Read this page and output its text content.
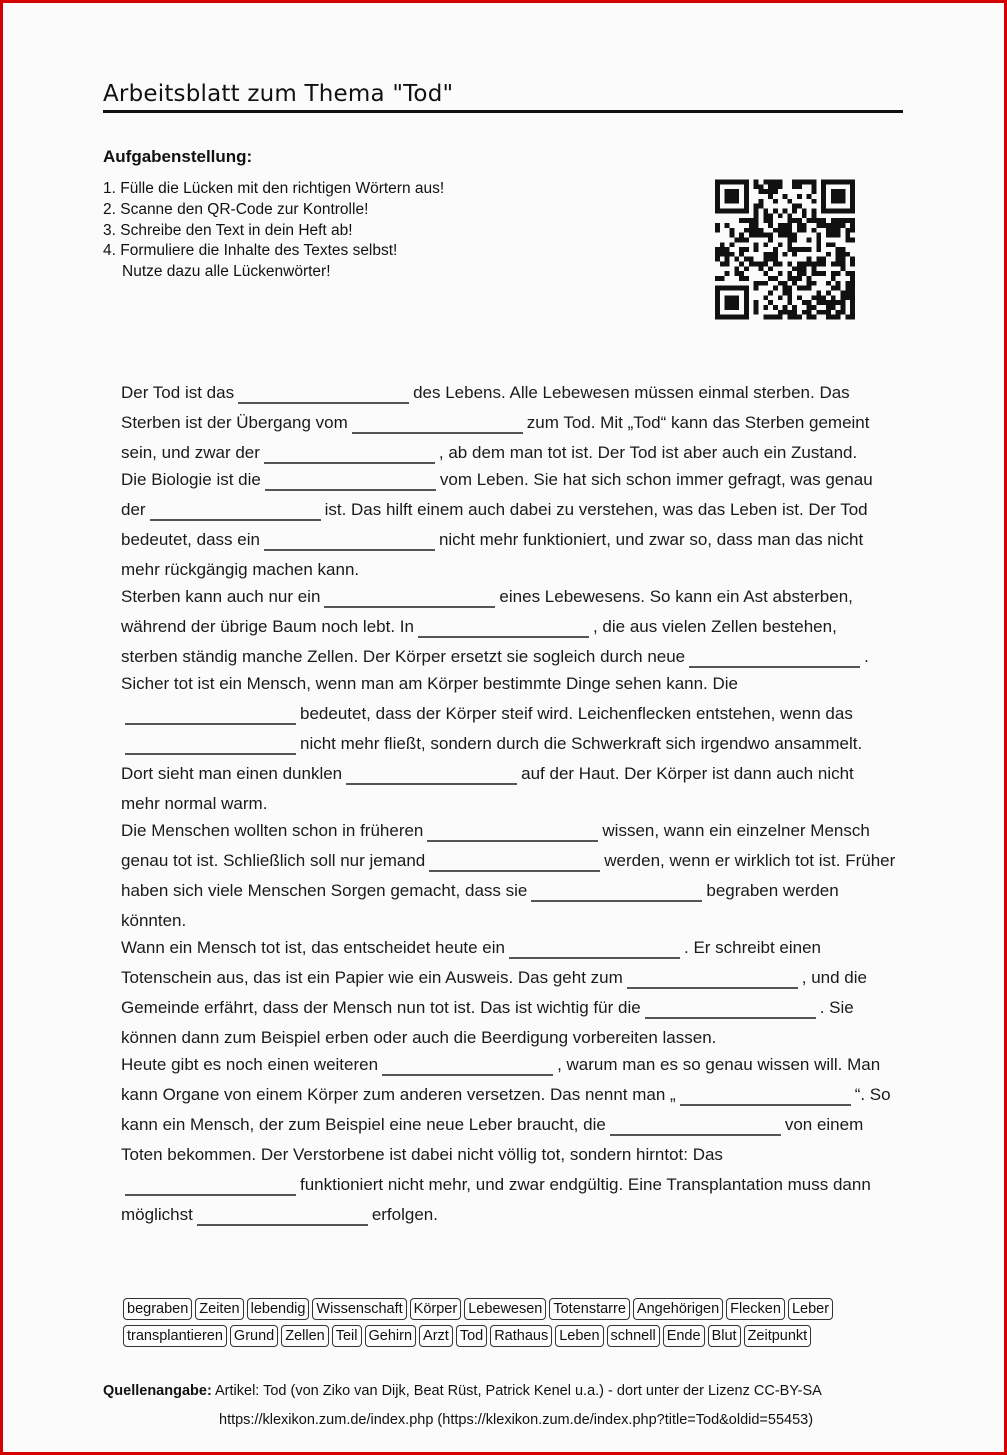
Arbeitsblatt zum Thema "Tod"
Aufgabenstellung:
1. Fülle die Lücken mit den richtigen Wörtern aus!
2. Scanne den QR-Code zur Kontrolle!
3. Schreibe den Text in dein Heft ab!
4. Formuliere die Inhalte des Textes selbst!
Nutze dazu alle Lückenwörter!
Der Tod ist das	des Lebens. Alle Lebewesen müssen einmal sterben. Das Sterben ist der Übergang vom	zum Tod. Mit „Tod“ kann das Sterben gemeint sein, und zwar der	, ab dem man tot ist. Der Tod ist aber auch ein Zustand.
Die Biologie ist die	vom Leben. Sie hat sich schon immer gefragt, was genau der	ist. Das hilft einem auch dabei zu verstehen, was das Leben ist. Der Tod bedeutet, dass ein	nicht mehr funktioniert, und zwar so, dass man das nicht mehr rückgängig machen kann.
Sterben kann auch nur ein	eines Lebewesens. So kann ein Ast absterben, während der übrige Baum noch lebt. In	, die aus vielen Zellen bestehen, sterben ständig manche Zellen. Der Körper ersetzt sie sogleich durch neue	.
Sicher tot ist ein Mensch, wenn man am Körper bestimmte Dinge sehen kann. Diebedeutet, dass der Körper steif wird. Leichenflecken entstehen, wenn dasnicht mehr fließt, sondern durch die Schwerkraft sich irgendwo ansammelt. Dort sieht man einen dunklen	auf der Haut. Der Körper ist dann auch nicht mehr normal warm.
Die Menschen wollten schon in früheren	wissen, wann ein einzelner Mensch genau tot ist. Schließlich soll nur jemand	werden, wenn er wirklich tot ist. Früher haben sich viele Menschen Sorgen gemacht, dass sie	begraben werden könnten.
Wann ein Mensch tot ist, das entscheidet heute ein	. Er schreibt einen Totenschein aus, das ist ein Papier wie ein Ausweis. Das geht zum	, und die Gemeinde erfährt, dass der Mensch nun tot ist. Das ist wichtig für die	. Sie können dann zum Beispiel erben oder auch die Beerdigung vorbereiten lassen.
Heute gibt es noch einen weiteren	, warum man es so genau wissen will. Man kann Organe von einem Körper zum anderen versetzen. Das nennt man „	“. So kann ein Mensch, der zum Beispiel eine neue Leber braucht, die	von einem Toten bekommen. Der Verstorbene ist dabei nicht völlig tot, sondern hirntot: Dasfunktioniert nicht mehr, und zwar endgültig. Eine Transplantation muss dann möglichst	erfolgen.
begraben Zeiten lebendig Wissenschaft Körper Lebewesen Totenstarre Angehörigen Flecken Leber
transplantieren Grund Zellen Teil Gehirn Arzt Tod Rathaus Leben schnell Ende Blut Zeitpunkt
Quellenangabe: Artikel: Tod (von Ziko van Dijk, Beat Rüst, Patrick Kenel u.a.) - dort unter der Lizenz CC-BY-SA
https://klexikon.zum.de/index.php (https://klexikon.zum.de/index.php?title=Tod&oldid=55453)
